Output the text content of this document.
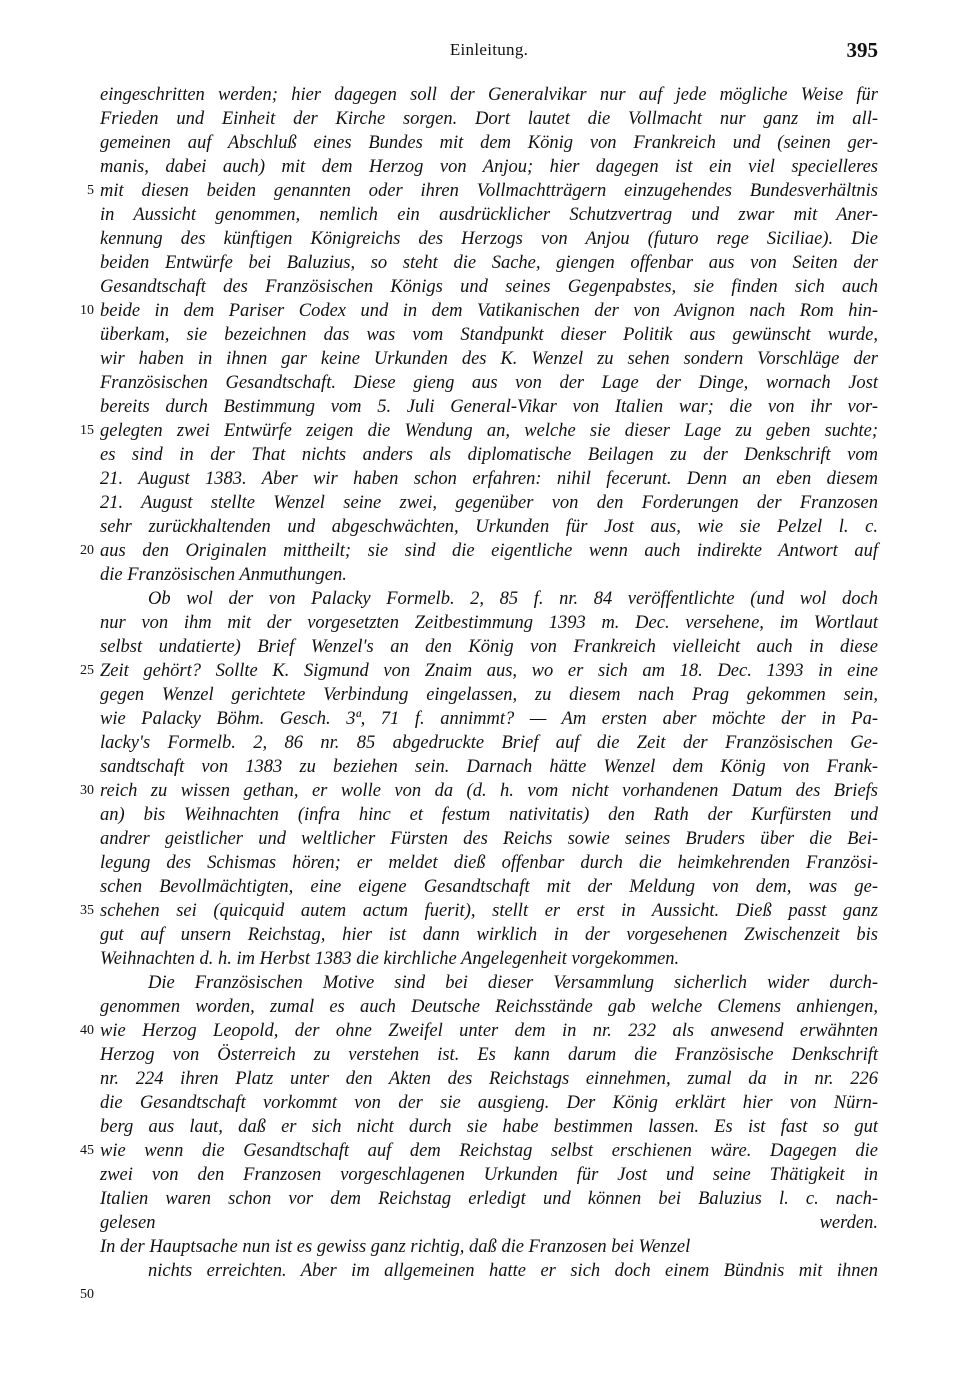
Einleitung.	395
eingeschritten werden; hier dagegen soll der Generalvikar nur auf jede mögliche Weise für
Frieden und Einheit der Kirche sorgen. Dort lautet die Vollmacht nur ganz im all-
gemeinen auf Abschluß eines Bundes mit dem König von Frankreich und (seinen ger-
manis, dabei auch) mit dem Herzog von Anjou; hier dagegen ist ein viel specielleres
mit diesen beiden genannten oder ihren Vollmachtträgern einzugehendes Bundesverhältnis
in Aussicht genommen, nemlich ein ausdrücklicher Schutzvertrag und zwar mit Aner-
kennung des künftigen Königreichs des Herzogs von Anjou (futuro rege Siciliae). Die
beiden Entwürfe bei Baluzius, so steht die Sache, giengen offenbar aus von Seiten der
Gesandtschaft des Französischen Königs und seines Gegenpabstes, sie finden sich auch
beide in dem Pariser Codex und in dem Vatikanischen der von Avignon nach Rom hin-
überkam, sie bezeichnen das was vom Standpunkt dieser Politik aus gewünscht wurde,
wir haben in ihnen gar keine Urkunden des K. Wenzel zu sehen sondern Vorschläge der
Französischen Gesandtschaft. Diese gieng aus von der Lage der Dinge, wornach Jost
bereits durch Bestimmung vom 5. Juli General-Vikar von Italien war; die von ihr vor-
gelegten zwei Entwürfe zeigen die Wendung an, welche sie dieser Lage zu geben suchte;
es sind in der That nichts anders als diplomatische Beilagen zu der Denkschrift vom
21. August 1383. Aber wir haben schon erfahren: nihil fecerunt. Denn an eben diesem
21. August stellte Wenzel seine zwei, gegenüber von den Forderungen der Franzosen
sehr zurückhaltenden und abgeschwächten, Urkunden für Jost aus, wie sie Pelzel l. c.
aus den Originalen mittheilt; sie sind die eigentliche wenn auch indirekte Antwort auf
die Französischen Anmuthungen.
Ob wol der von Palacky Formelb. 2, 85 f. nr. 84 veröffentlichte (und wol doch
nur von ihm mit der vorgesetzten Zeitbestimmung 1393 m. Dec. versehene, im Wortlaut
selbst undatierte) Brief Wenzel's an den König von Frankreich vielleicht auch in diese
Zeit gehört? Sollte K. Sigmund von Znaim aus, wo er sich am 18. Dec. 1393 in eine
gegen Wenzel gerichtete Verbindung eingelassen, zu diesem nach Prag gekommen sein,
wie Palacky Böhm. Gesch. 3ª, 71 f. annimmt? — Am ersten aber möchte der in Pa-
lacky's Formelb. 2, 86 nr. 85 abgedruckte Brief auf die Zeit der Französischen Ge-
sandtschaft von 1383 zu beziehen sein. Darnach hätte Wenzel dem König von Frank-
reich zu wissen gethan, er wolle von da (d. h. vom nicht vorhandenen Datum des Briefs
an) bis Weihnachten (infra hinc et festum nativitatis) den Rath der Kurfürsten und
andrer geistlicher und weltlicher Fürsten des Reichs sowie seines Bruders über die Bei-
legung des Schismas hören; er meldet dieß offenbar durch die heimkehrenden Französi-
schen Bevollmächtigten, eine eigene Gesandtschaft mit der Meldung von dem, was ge-
schehen sei (quicquid autem actum fuerit), stellt er erst in Aussicht. Dieß passt ganz
gut auf unsern Reichstag, hier ist dann wirklich in der vorgesehenen Zwischenzeit bis
Weihnachten d. h. im Herbst 1383 die kirchliche Angelegenheit vorgekommen.
Die Französischen Motive sind bei dieser Versammlung sicherlich wider durch-
genommen worden, zumal es auch Deutsche Reichsstände gab welche Clemens anhiengen,
wie Herzog Leopold, der ohne Zweifel unter dem in nr. 232 als anwesend erwähnten
Herzog von Österreich zu verstehen ist. Es kann darum die Französische Denkschrift
nr. 224 ihren Platz unter den Akten des Reichstags einnehmen, zumal da in nr. 226
die Gesandtschaft vorkommt von der sie ausgieng. Der König erklärt hier von Nürn-
berg aus laut, daß er sich nicht durch sie habe bestimmen lassen. Es ist fast so gut
wie wenn die Gesandtschaft auf dem Reichstag selbst erschienen wäre. Dagegen die
zwei von den Franzosen vorgeschlagenen Urkunden für Jost und seine Thätigkeit in
Italien waren schon vor dem Reichstag erledigt und können bei Baluzius l. c. nach-
gelesen werden.
In der Hauptsache nun ist es gewiss ganz richtig, daß die Franzosen bei Wenzel
nichts erreichten. Aber im allgemeinen hatte er sich doch einem Bündnis mit ihnen
5
10
15
20
25
30
35
40
45
50
